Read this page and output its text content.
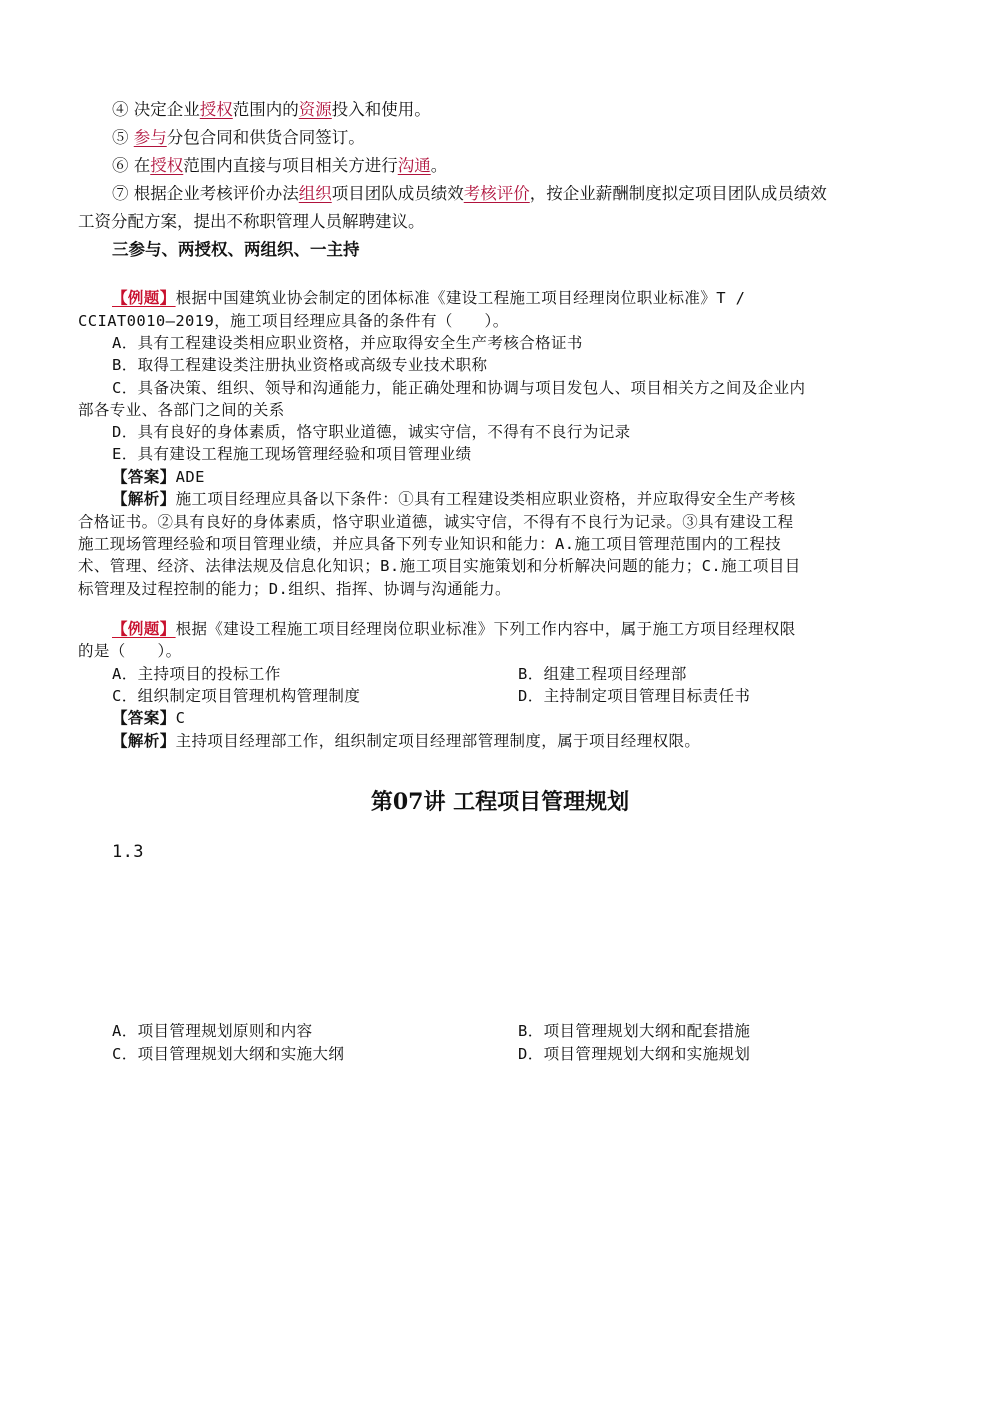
④ 决定企业授权范围内的资源投入和使用。
⑤ 参与分包合同和供货合同签订。
⑥ 在授权范围内直接与项目相关方进行沟通。
⑦ 根据企业考核评价办法组织项目团队成员绩效考核评价，按企业薪酬制度拟定项目团队成员绩效
工资分配方案，提出不称职管理人员解聘建议。
三参与、两授权、两组织、一主持
【例题】根据中国建筑业协会制定的团体标准《建设工程施工项目经理岗位职业标准》T /
CCIAT0010—2019，施工项目经理应具备的条件有（　　）。
A．具有工程建设类相应职业资格，并应取得安全生产考核合格证书
B．取得工程建设类注册执业资格或高级专业技术职称
C．具备决策、组织、领导和沟通能力，能正确处理和协调与项目发包人、项目相关方之间及企业内
部各专业、各部门之间的关系
D．具有良好的身体素质，恪守职业道德，诚实守信，不得有不良行为记录
E．具有建设工程施工现场管理经验和项目管理业绩
【答案】ADE
【解析】施工项目经理应具备以下条件：①具有工程建设类相应职业资格，并应取得安全生产考核
合格证书。②具有良好的身体素质，恪守职业道德，诚实守信，不得有不良行为记录。③具有建设工程
施工现场管理经验和项目管理业绩，并应具备下列专业知识和能力：A.施工项目管理范围内的工程技
术、管理、经济、法律法规及信息化知识；B.施工项目实施策划和分析解决问题的能力；C.施工项目目
标管理及过程控制的能力；D.组织、指挥、协调与沟通能力。
【例题】根据《建设工程施工项目经理岗位职业标准》下列工作内容中，属于施工方项目经理权限
的是（　　）。
A．主持项目的投标工作	B．组建工程项目经理部
C．组织制定项目管理机构管理制度	D．主持制定项目管理目标责任书
【答案】C
【解析】主持项目经理部工作，组织制定项目经理部管理制度，属于项目经理权限。
第07讲 工程项目管理规划
1.3
A．项目管理规划原则和内容	B．项目管理规划大纲和配套措施
C．项目管理规划大纲和实施大纲	D．项目管理规划大纲和实施规划
